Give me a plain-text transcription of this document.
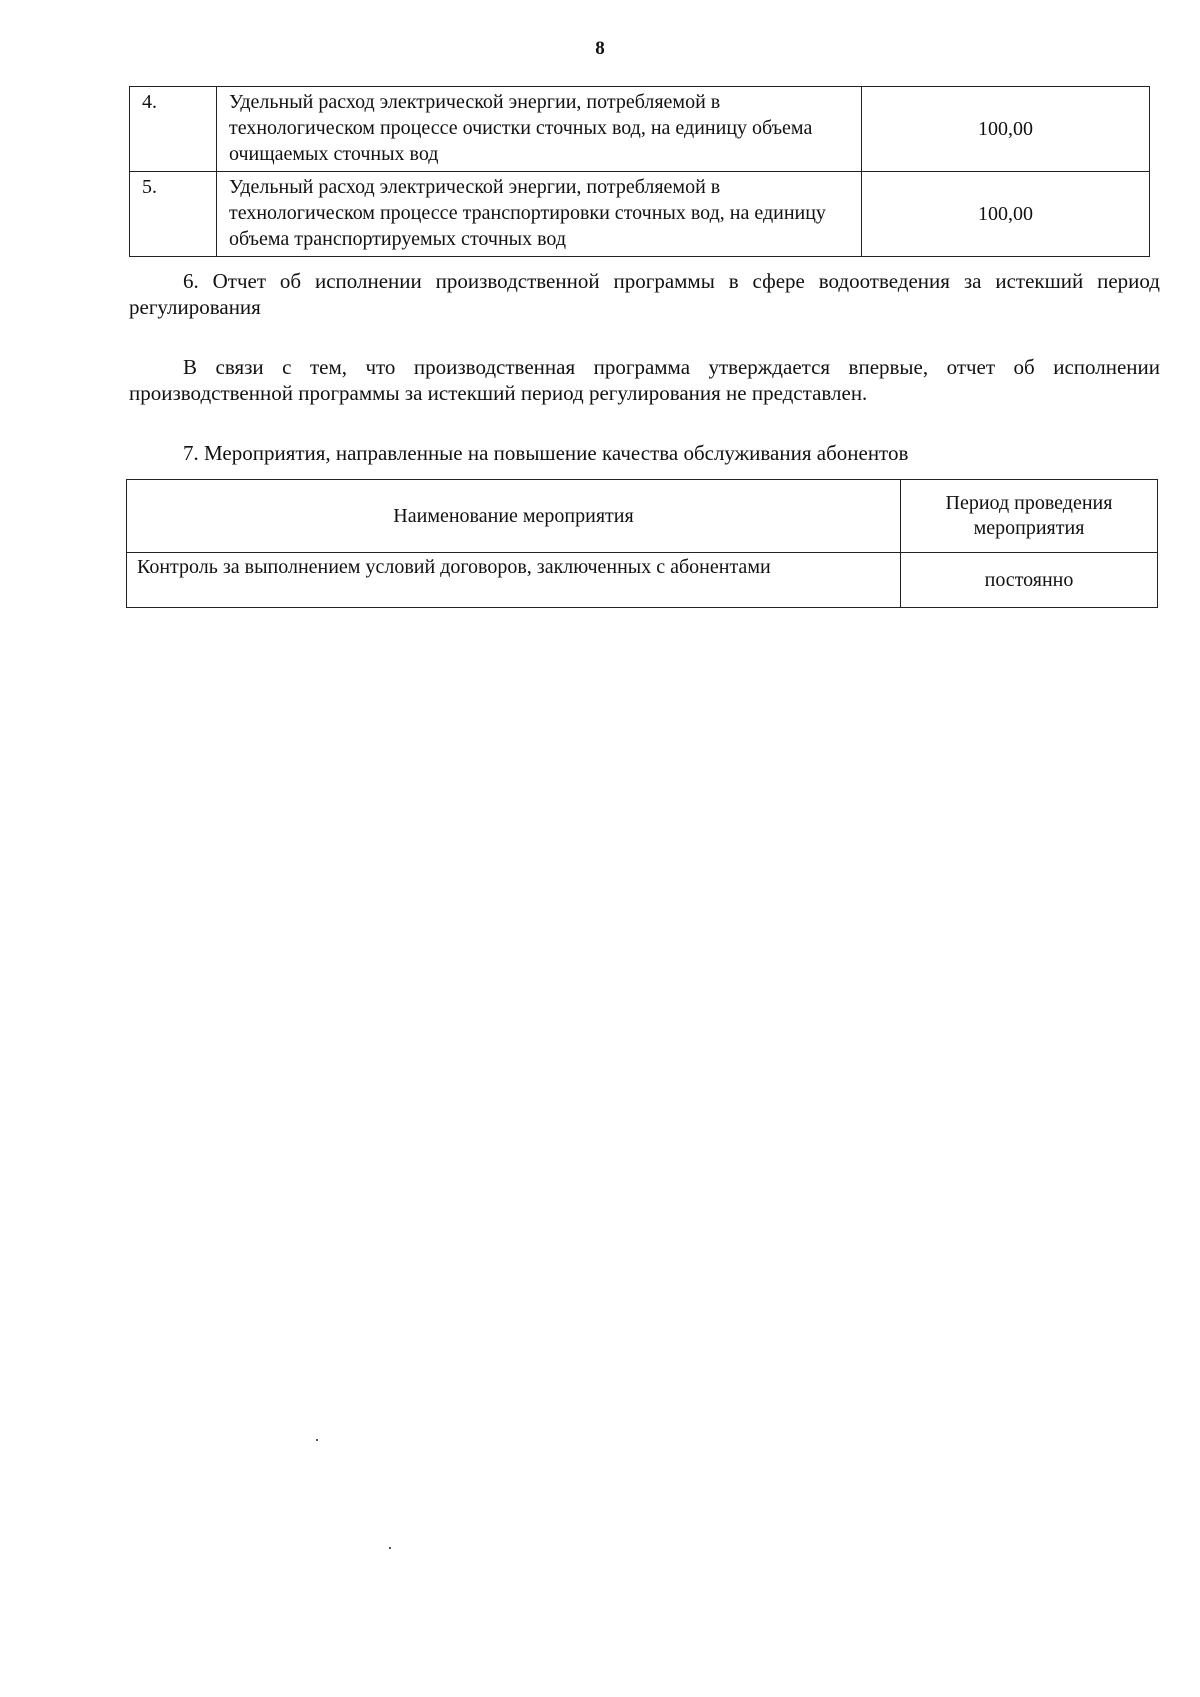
8
4.	Удельный расход электрической энергии, потребляемой в технологическом процессе очистки сточных вод, на единицу объема очищаемых сточных вод	100,00
5.	Удельный расход электрической энергии, потребляемой в технологическом процессе транспортировки сточных вод, на единицу объема транспортируемых сточных вод	100,00

6. Отчет об исполнении производственной программы в сфере водоотведения за истекший период регулирования

В связи с тем, что производственная программа утверждается впервые, отчет об исполнении производственной программы за истекший период регулирования не представлен.

7. Мероприятия, направленные на повышение качества обслуживания абонентов

Наименование мероприятия	Период проведения мероприятия
Контроль за выполнением условий договоров, заключенных с абонентами	постоянно
